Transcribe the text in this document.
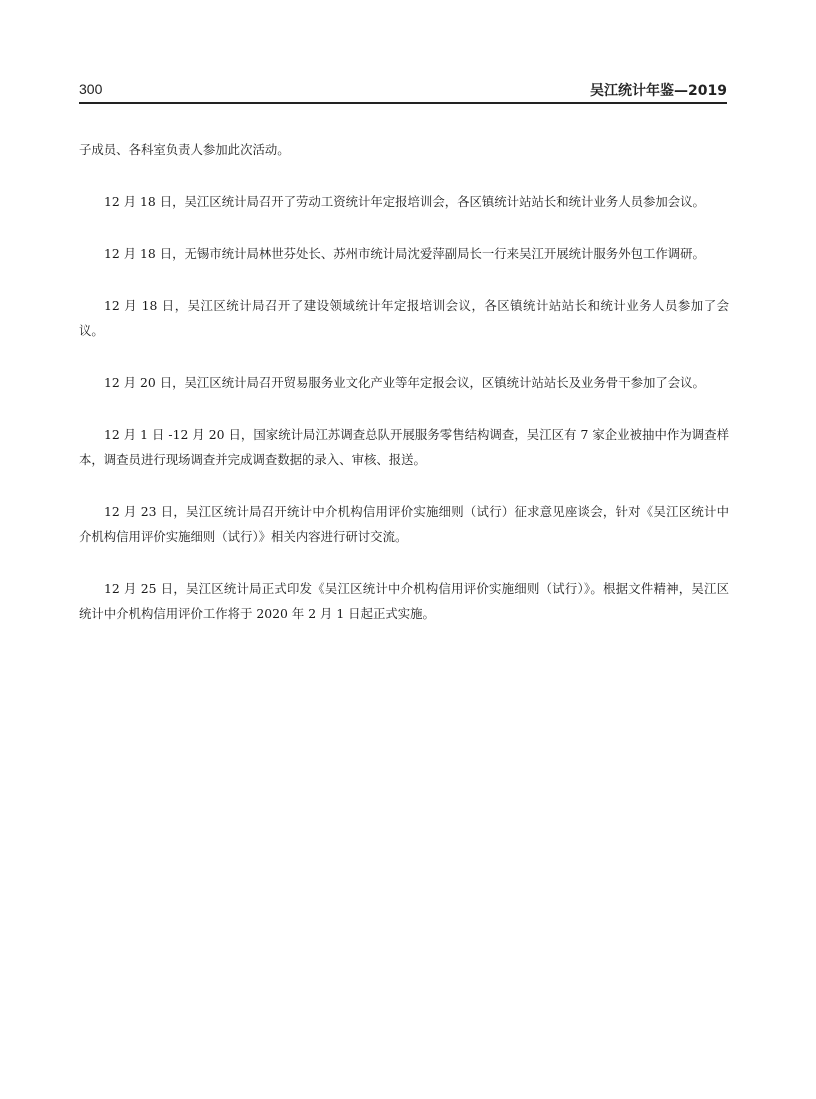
300	吴江统计年鉴—2019

子成员、各科室负责人参加此次活动。

12 月 18 日，吴江区统计局召开了劳动工资统计年定报培训会，各区镇统计站站长和统计业务人员参加会议。

12 月 18 日，无锡市统计局林世芬处长、苏州市统计局沈爱萍副局长一行来吴江开展统计服务外包工作调研。

12 月 18 日，吴江区统计局召开了建设领域统计年定报培训会议，各区镇统计站站长和统计业务人员参加了会议。

12 月 20 日，吴江区统计局召开贸易服务业文化产业等年定报会议，区镇统计站站长及业务骨干参加了会议。

12 月 1 日 -12 月 20 日，国家统计局江苏调查总队开展服务零售结构调查，吴江区有 7 家企业被抽中作为调查样本，调查员进行现场调查并完成调查数据的录入、审核、报送。

12 月 23 日，吴江区统计局召开统计中介机构信用评价实施细则（试行）征求意见座谈会，针对《吴江区统计中介机构信用评价实施细则（试行）》相关内容进行研讨交流。

12 月 25 日，吴江区统计局正式印发《吴江区统计中介机构信用评价实施细则（试行）》。根据文件精神，吴江区统计中介机构信用评价工作将于 2020 年 2 月 1 日起正式实施。
